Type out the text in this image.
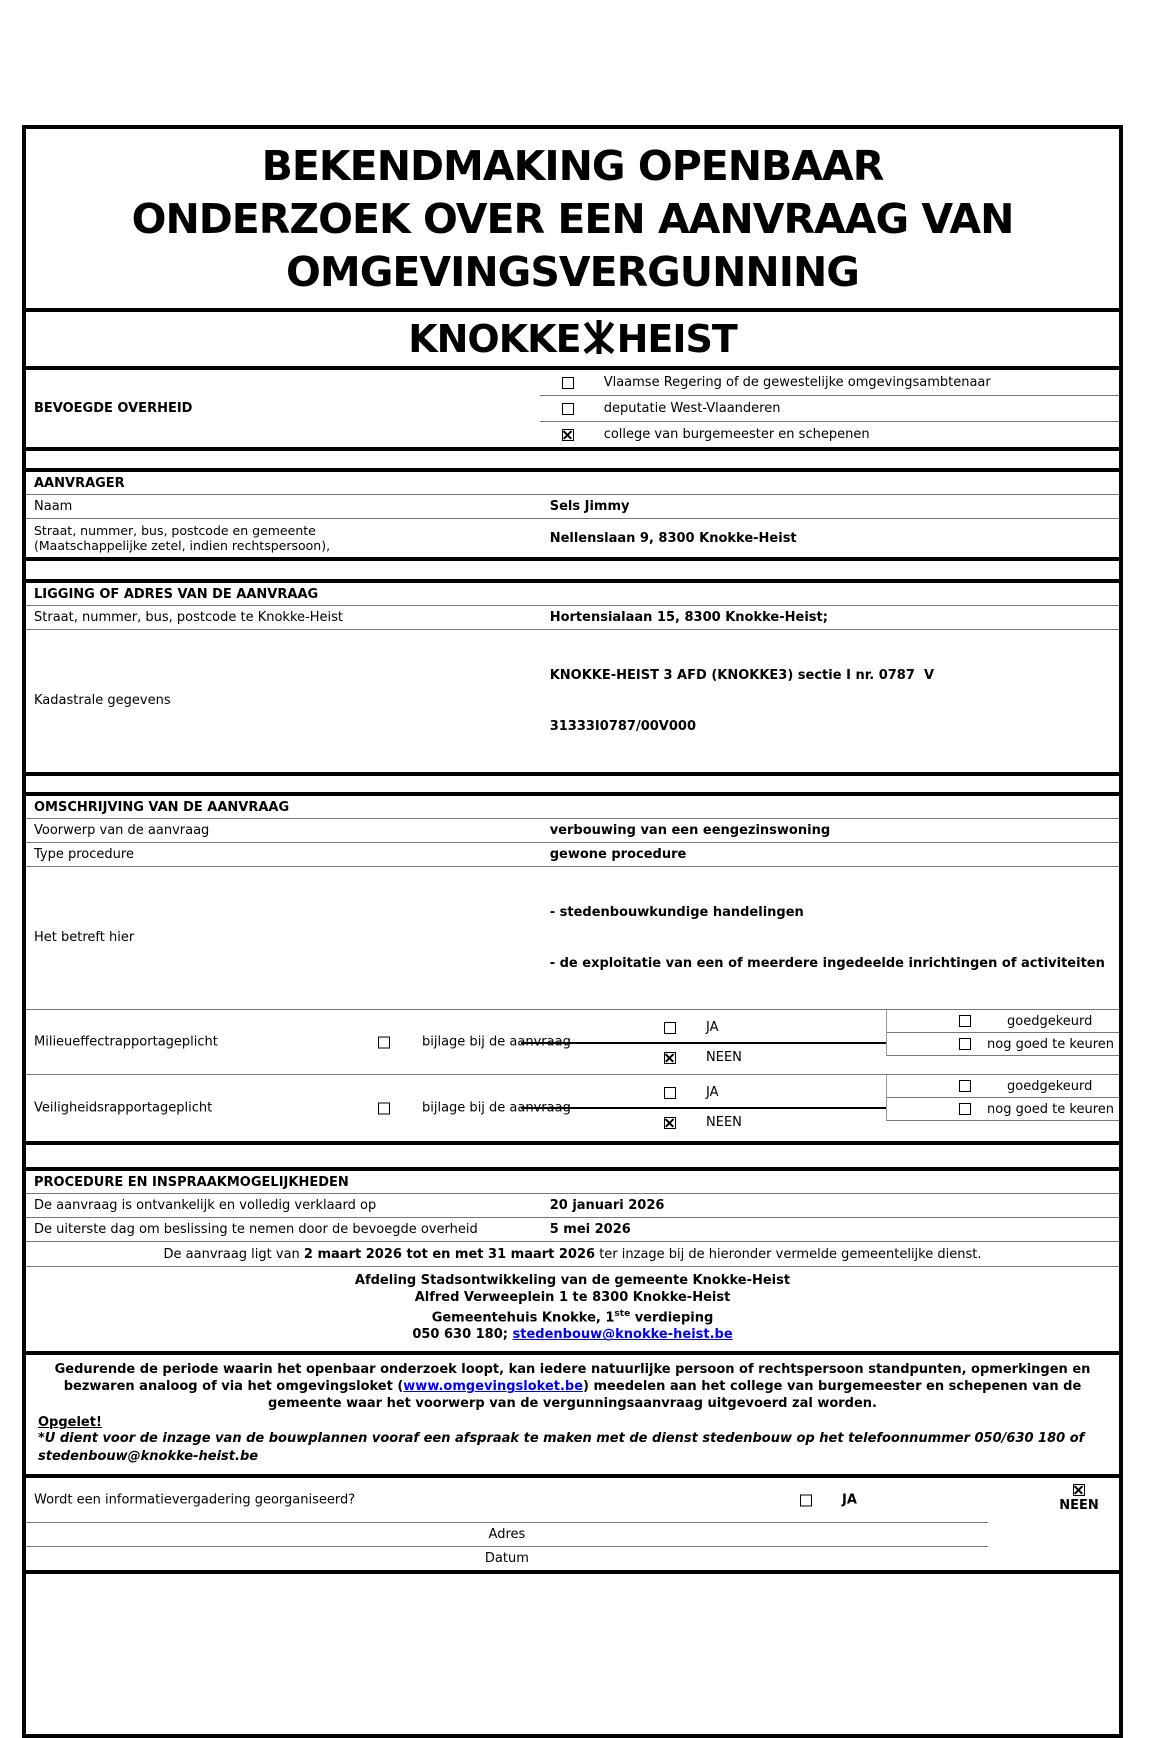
BEKENDMAKING OPENBAAR
ONDERZOEK OVER EEN AANVRAAG VAN
OMGEVINGSVERGUNNING
KNOKKE HEIST
BEVOEGDE OVERHEID
Vlaamse Regering of de gewestelijke omgevingsambtenaar
deputatie West-Vlaanderen
college van burgemeester en schepenen
AANVRAGER
Naam	Sels Jimmy
Straat, nummer, bus, postcode en gemeente
(Maatschappelijke zetel, indien rechtspersoon),	Nellenslaan 9, 8300 Knokke-Heist
LIGGING OF ADRES VAN DE AANVRAAG
Straat, nummer, bus, postcode te Knokke-Heist	Hortensialaan 15, 8300 Knokke-Heist;
Kadastrale gegevens

KNOKKE-HEIST 3 AFD (KNOKKE3) sectie I nr. 0787  V

31333I0787/00V000

OMSCHRIJVING VAN DE AANVRAAG
Voorwerp van de aanvraag	verbouwing van een eengezinswoning
Type procedure	gewone procedure
Het betreft hier

- stedenbouwkundige handelingen

- de exploitatie van een of meerdere ingedeelde inrichtingen of activiteiten

Milieueffectrapportageplicht	bijlage bij de aanvraag
JA
NEEN
goedgekeurd
nog goed te keuren
Veiligheidsrapportageplicht	bijlage bij de aanvraag
JA
NEEN
goedgekeurd
nog goed te keuren
PROCEDURE EN INSPRAAKMOGELIJKHEDEN
De aanvraag is ontvankelijk en volledig verklaard op	20 januari 2026
De uiterste dag om beslissing te nemen door de bevoegde overheid	5 mei 2026
De aanvraag ligt van 2 maart 2026 tot en met 31 maart 2026 ter inzage bij de hieronder vermelde gemeentelijke dienst.
Afdeling Stadsontwikkeling van de gemeente Knokke-Heist
Alfred Verweeplein 1 te 8300 Knokke-Heist
Gemeentehuis Knokke, 1ste verdieping
050 630 180; stedenbouw@knokke-heist.be
Gedurende de periode waarin het openbaar onderzoek loopt, kan iedere natuurlijke persoon of rechtspersoon standpunten, opmerkingen en bezwaren analoog of via het omgevingsloket (www.omgevingsloket.be) meedelen aan het college van burgemeester en schepenen van de gemeente waar het voorwerp van de vergunningsaanvraag uitgevoerd zal worden.
Opgelet!
*U dient voor de inzage van de bouwplannen vooraf een afspraak te maken met de dienst stedenbouw op het telefoonnummer 050/630 180 of stedenbouw@knokke-heist.be
Wordt een informatievergadering georganiseerd?	JA	NEEN
Adres
Datum
